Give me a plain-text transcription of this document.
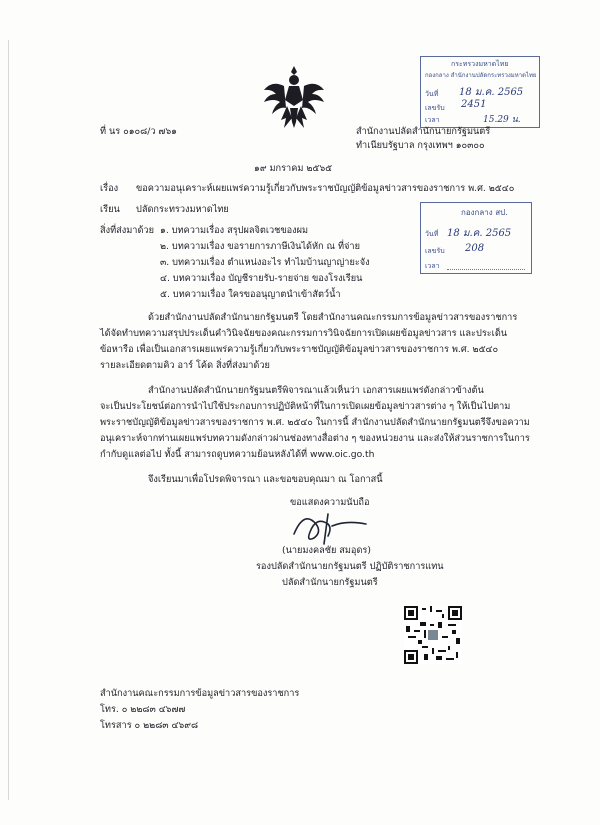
ที่ นร ๐๑๐๘/ว ๗๖๑
กระทรวงมหาดไทย
กองกลาง สำนักงานปลัดกระทรวงมหาดไทย
วันที่ 18 ม.ค. 2565
เลขรับ 2451
เวลา	15.29 น.
สำนักงานปลัดสำนักนายกรัฐมนตรี
ทำเนียบรัฐบาล กรุงเทพฯ ๑๐๓๐๐
๑๙ มกราคม ๒๕๖๕
เรื่อง ขอความอนุเคราะห์เผยแพร่ความรู้เกี่ยวกับพระราชบัญญัติข้อมูลข่าวสารของราชการ พ.ศ. ๒๕๔๐
เรียน ปลัดกระทรวงมหาดไทย	กองกลาง สป.
วันที่ 18 ม.ค. 2565
เลขรับ 208
เวลา
สิ่งที่ส่งมาด้วย ๑. บทความเรื่อง สรุปผลจิตเวชของผม
๒. บทความเรื่อง ขอรายการภาษีเงินได้หัก ณ ที่จ่าย
๓. บทความเรื่อง ตำแหน่งอะไร ทำไมบ้านญาญ่ายะจัง
๔. บทความเรื่อง บัญชีรายรับ-รายจ่าย ของโรงเรียน
๕. บทความเรื่อง ใครขออนุญาตนำเข้าสัตว์น้ำ
ด้วยสำนักงานปลัดสำนักนายกรัฐมนตรี โดยสำนักงานคณะกรรมการข้อมูลข่าวสารของราชการ
ได้จัดทำบทความสรุปประเด็นคำวินิจฉัยของคณะกรรมการวินิจฉัยการเปิดเผยข้อมูลข่าวสาร และประเด็น
ข้อหารือ เพื่อเป็นเอกสารเผยแพร่ความรู้เกี่ยวกับพระราชบัญญัติข้อมูลข่าวสารของราชการ พ.ศ. ๒๕๔๐
รายละเอียดตามคิว อาร์ โค้ด สิ่งที่ส่งมาด้วย
สำนักงานปลัดสำนักนายกรัฐมนตรีพิจารณาแล้วเห็นว่า เอกสารเผยแพร่ดังกล่าวข้างต้น
จะเป็นประโยชน์ต่อการนำไปใช้ประกอบการปฏิบัติหน้าที่ในการเปิดเผยข้อมูลข่าวสารต่าง ๆ ให้เป็นไปตาม
พระราชบัญญัติข้อมูลข่าวสารของราชการ พ.ศ. ๒๕๔๐ ในการนี้ สำนักงานปลัดสำนักนายกรัฐมนตรีจึงขอความ
อนุเคราะห์จากท่านเผยแพร่บทความดังกล่าวผ่านช่องทางสื่อต่าง ๆ ของหน่วยงาน และส่งให้ส่วนราชการในการ
กำกับดูแลต่อไป ทั้งนี้ สามารถดูบทความย้อนหลังได้ที่ www.oic.go.th
จึงเรียนมาเพื่อโปรดพิจารณา และขอขอบคุณมา ณ โอกาสนี้
ขอแสดงความนับถือ
(นายมงคลชัย สมอุดร)
รองปลัดสำนักนายกรัฐมนตรี ปฏิบัติราชการแทน
ปลัดสำนักนายกรัฐมนตรี
สำนักงานคณะกรรมการข้อมูลข่าวสารของราชการ
โทร. ๐ ๒๒๘๓ ๔๖๗๗
โทรสาร ๐ ๒๒๘๓ ๔๖๙๘
